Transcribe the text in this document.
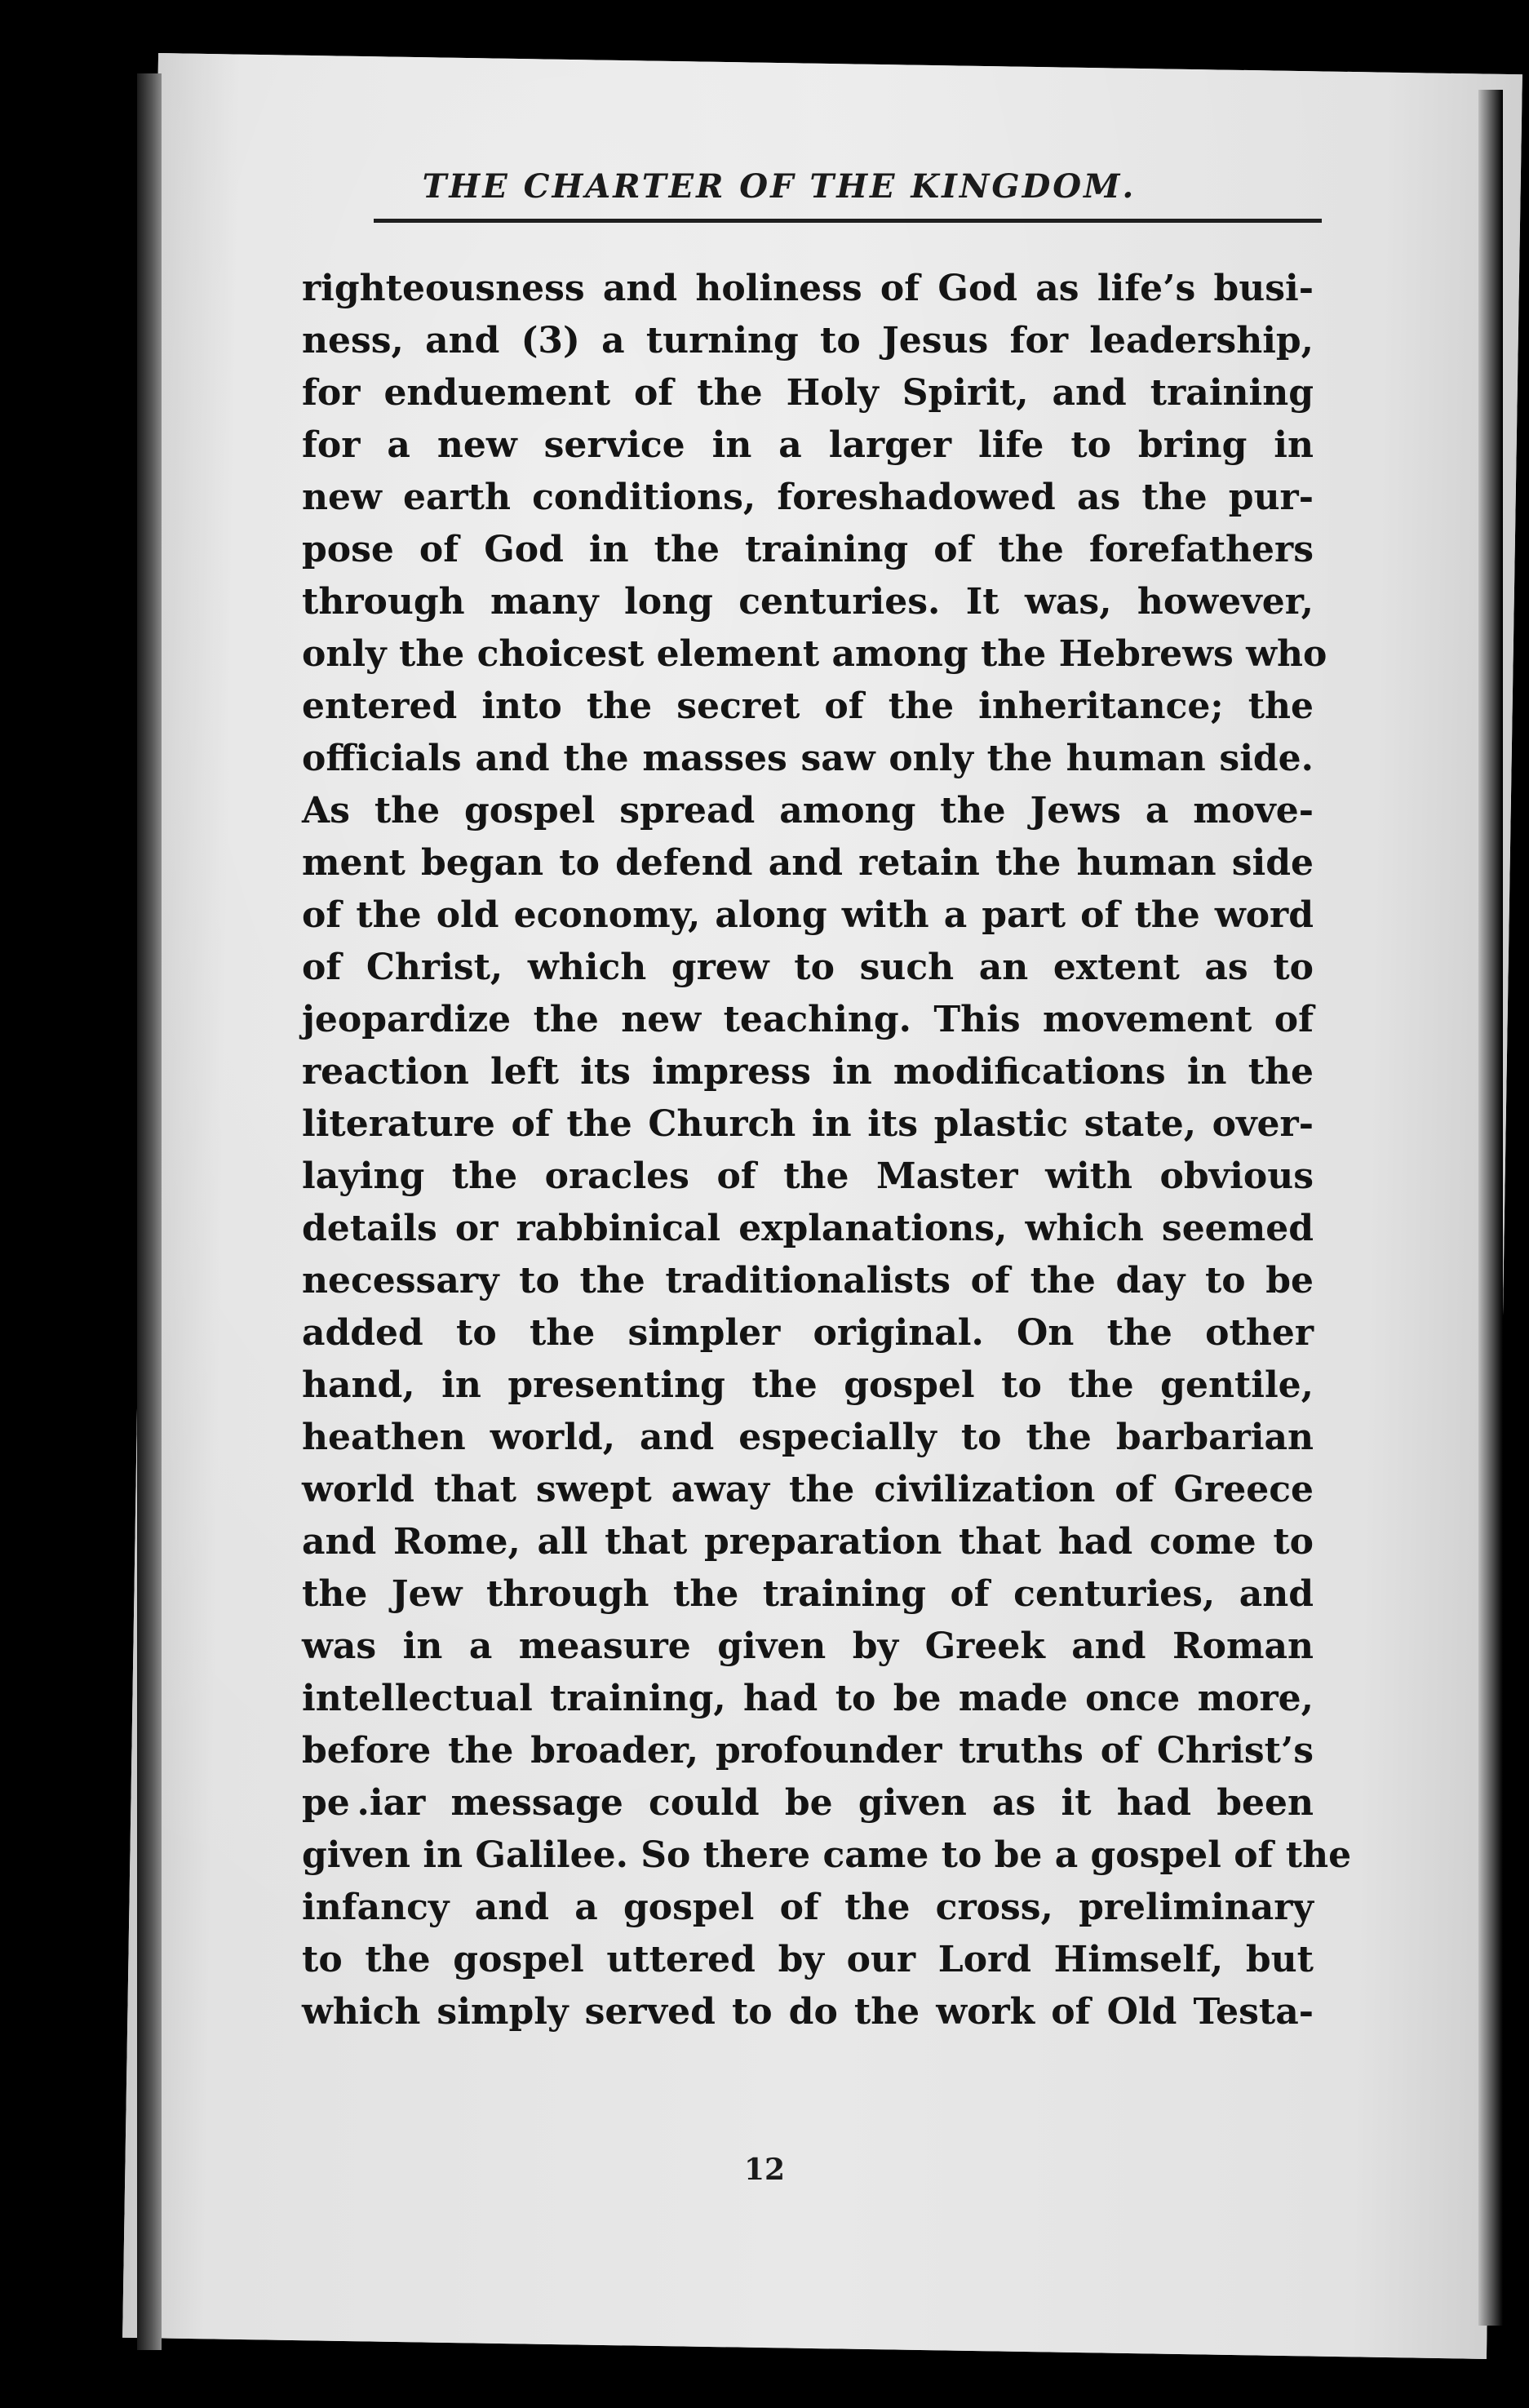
THE CHARTER OF THE KINGDOM.
righteousness and holiness of God as life’s busi-
ness, and (3) a turning to Jesus for leadership,
for enduement of the Holy Spirit, and training
for a new service in a larger life to bring in
new earth conditions, foreshadowed as the pur-
pose of God in the training of the forefathers
through many long centuries. It was, however,
only the choicest element among the Hebrews who
entered into the secret of the inheritance; the
officials and the masses saw only the human side.
As the gospel spread among the Jews a move-
ment began to defend and retain the human side
of the old economy, along with a part of the word
of Christ, which grew to such an extent as to
jeopardize the new teaching. This movement of
reaction left its impress in modifications in the
literature of the Church in its plastic state, over-
laying the oracles of the Master with obvious
details or rabbinical explanations, which seemed
necessary to the traditionalists of the day to be
added to the simpler original. On the other
hand, in presenting the gospel to the gentile,
heathen world, and especially to the barbarian
world that swept away the civilization of Greece
and Rome, all that preparation that had come to
the Jew through the training of centuries, and
was in a measure given by Greek and Roman
intellectual training, had to be made once more,
before the broader, profounder truths of Christ’s
pe .iar message could be given as it had been
given in Galilee. So there came to be a gospel of the
infancy and a gospel of the cross, preliminary
to the gospel uttered by our Lord Himself, but
which simply served to do the work of Old Testa-
12
